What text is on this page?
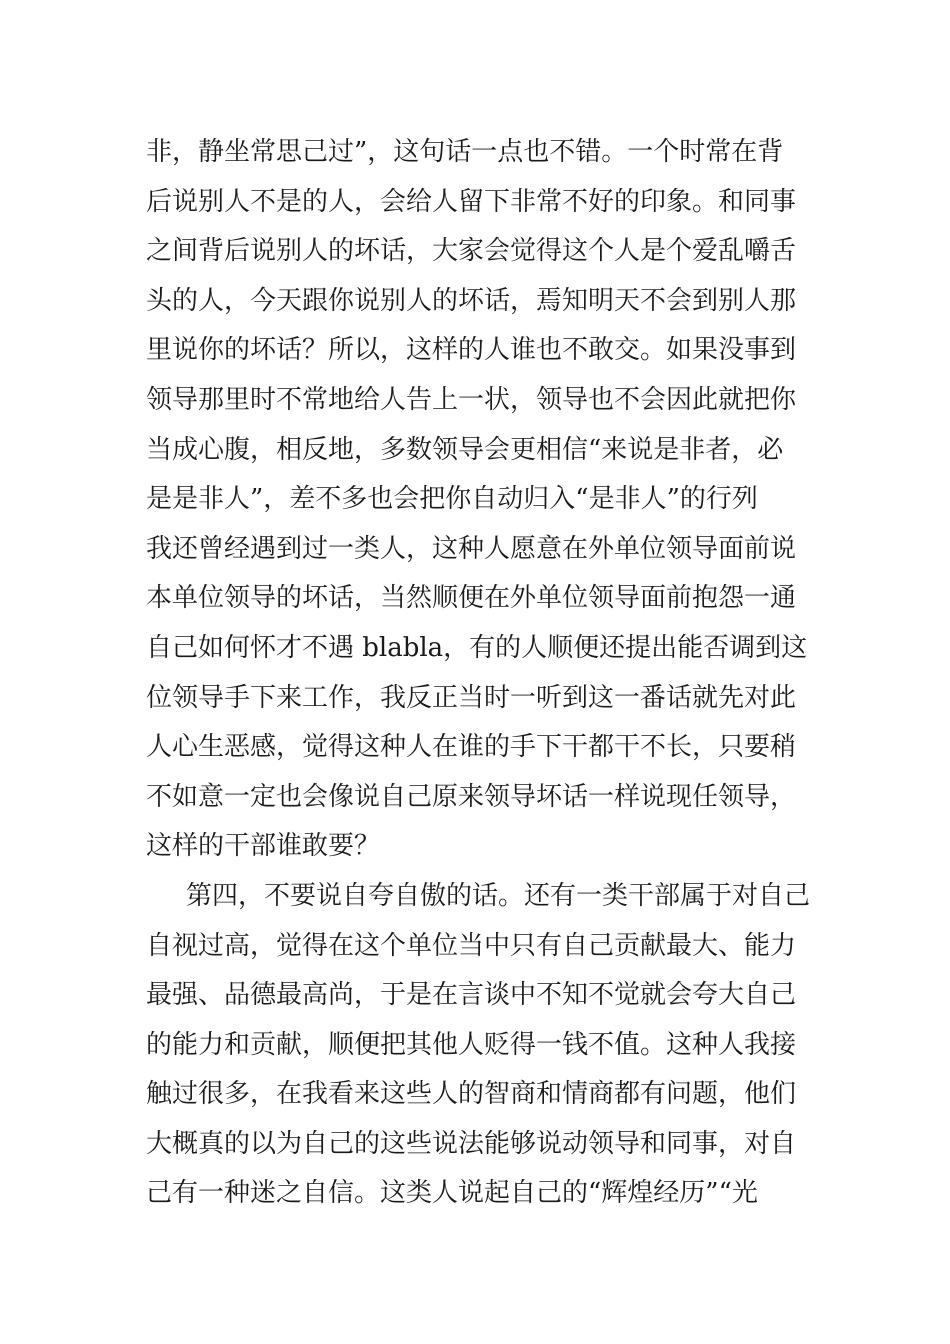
非，静坐常思己过”，这句话一点也不错。一个时常在背
后说别人不是的人，会给人留下非常不好的印象。和同事
之间背后说别人的坏话，大家会觉得这个人是个爱乱嚼舌
头的人，今天跟你说别人的坏话，焉知明天不会到别人那
里说你的坏话？所以，这样的人谁也不敢交。如果没事到
领导那里时不常地给人告上一状，领导也不会因此就把你
当成心腹，相反地，多数领导会更相信“来说是非者，必
是是非人”，差不多也会把你自动归入“是非人”的行列
我还曾经遇到过一类人，这种人愿意在外单位领导面前说
本单位领导的坏话，当然顺便在外单位领导面前抱怨一通
自己如何怀才不遇 blabla，有的人顺便还提出能否调到这
位领导手下来工作，我反正当时一听到这一番话就先对此
人心生恶感，觉得这种人在谁的手下干都干不长，只要稍
不如意一定也会像说自己原来领导坏话一样说现任领导，
这样的干部谁敢要？
第四，不要说自夸自傲的话。还有一类干部属于对自己
自视过高，觉得在这个单位当中只有自己贡献最大、能力
最强、品德最高尚，于是在言谈中不知不觉就会夸大自己
的能力和贡献，顺便把其他人贬得一钱不值。这种人我接
触过很多，在我看来这些人的智商和情商都有问题，他们
大概真的以为自己的这些说法能够说动领导和同事，对自
己有一种迷之自信。这类人说起自己的“辉煌经历”“光
